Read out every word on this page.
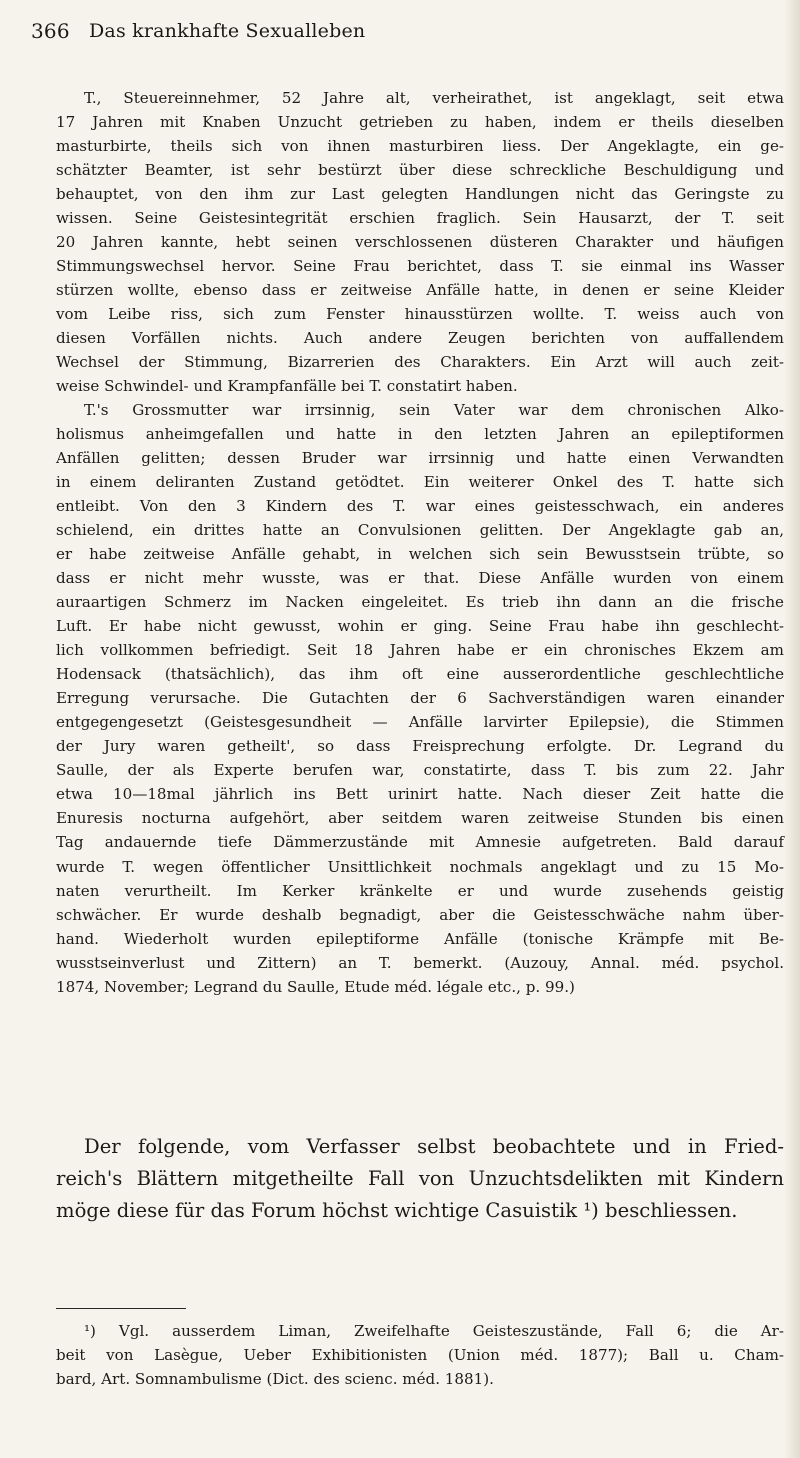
366 Das krankhafte Sexualleben
T., Steuereinnehmer, 52 Jahre alt, verheirathet, ist angeklagt, seit etwa
17 Jahren mit Knaben Unzucht getrieben zu haben, indem er theils dieselben
masturbirte, theils sich von ihnen masturbiren liess. Der Angeklagte, ein ge-
schätzter Beamter, ist sehr bestürzt über diese schreckliche Beschuldigung und
behauptet, von den ihm zur Last gelegten Handlungen nicht das Geringste zu
wissen. Seine Geistesintegrität erschien fraglich. Sein Hausarzt, der T. seit
20 Jahren kannte, hebt seinen verschlossenen düsteren Charakter und häufigen
Stimmungswechsel hervor. Seine Frau berichtet, dass T. sie einmal ins Wasser
stürzen wollte, ebenso dass er zeitweise Anfälle hatte, in denen er seine Kleider
vom Leibe riss, sich zum Fenster hinausstürzen wollte. T. weiss auch von
diesen Vorfällen nichts. Auch andere Zeugen berichten von auffallendem
Wechsel der Stimmung, Bizarrerien des Charakters. Ein Arzt will auch zeit-
weise Schwindel- und Krampfanfälle bei T. constatirt haben.
T.'s Grossmutter war irrsinnig, sein Vater war dem chronischen Alko-
holismus anheimgefallen und hatte in den letzten Jahren an epileptiformen
Anfällen gelitten; dessen Bruder war irrsinnig und hatte einen Verwandten
in einem deliranten Zustand getödtet. Ein weiterer Onkel des T. hatte sich
entleibt. Von den 3 Kindern des T. war eines geistesschwach, ein anderes
schielend, ein drittes hatte an Convulsionen gelitten. Der Angeklagte gab an,
er habe zeitweise Anfälle gehabt, in welchen sich sein Bewusstsein trübte, so
dass er nicht mehr wusste, was er that. Diese Anfälle wurden von einem
auraartigen Schmerz im Nacken eingeleitet. Es trieb ihn dann an die frische
Luft. Er habe nicht gewusst, wohin er ging. Seine Frau habe ihn geschlecht-
lich vollkommen befriedigt. Seit 18 Jahren habe er ein chronisches Ekzem am
Hodensack (thatsächlich), das ihm oft eine ausserordentliche geschlechtliche
Erregung verursache. Die Gutachten der 6 Sachverständigen waren einander
entgegengesetzt (Geistesgesundheit — Anfälle larvirter Epilepsie), die Stimmen
der Jury waren getheilt', so dass Freisprechung erfolgte. Dr. Legrand du
Saulle, der als Experte berufen war, constatirte, dass T. bis zum 22. Jahr
etwa 10—18mal jährlich ins Bett urinirt hatte. Nach dieser Zeit hatte die
Enuresis nocturna aufgehört, aber seitdem waren zeitweise Stunden bis einen
Tag andauernde tiefe Dämmerzustände mit Amnesie aufgetreten. Bald darauf
wurde T. wegen öffentlicher Unsittlichkeit nochmals angeklagt und zu 15 Mo-
naten verurtheilt. Im Kerker kränkelte er und wurde zusehends geistig
schwächer. Er wurde deshalb begnadigt, aber die Geistesschwäche nahm über-
hand. Wiederholt wurden epileptiforme Anfälle (tonische Krämpfe mit Be-
wusstseinverlust und Zittern) an T. bemerkt. (Auzouy, Annal. méd. psychol.
1874, November; Legrand du Saulle, Etude méd. légale etc., p. 99.)
Der folgende, vom Verfasser selbst beobachtete und in Fried-
reich's Blättern mitgetheilte Fall von Unzuchtsdelikten mit Kindern
möge diese für das Forum höchst wichtige Casuistik ¹) beschliessen.
¹) Vgl. ausserdem Liman, Zweifelhafte Geisteszustände, Fall 6; die Ar-
beit von Lasègue, Ueber Exhibitionisten (Union méd. 1877); Ball u. Cham-
bard, Art. Somnambulisme (Dict. des scienc. méd. 1881).
